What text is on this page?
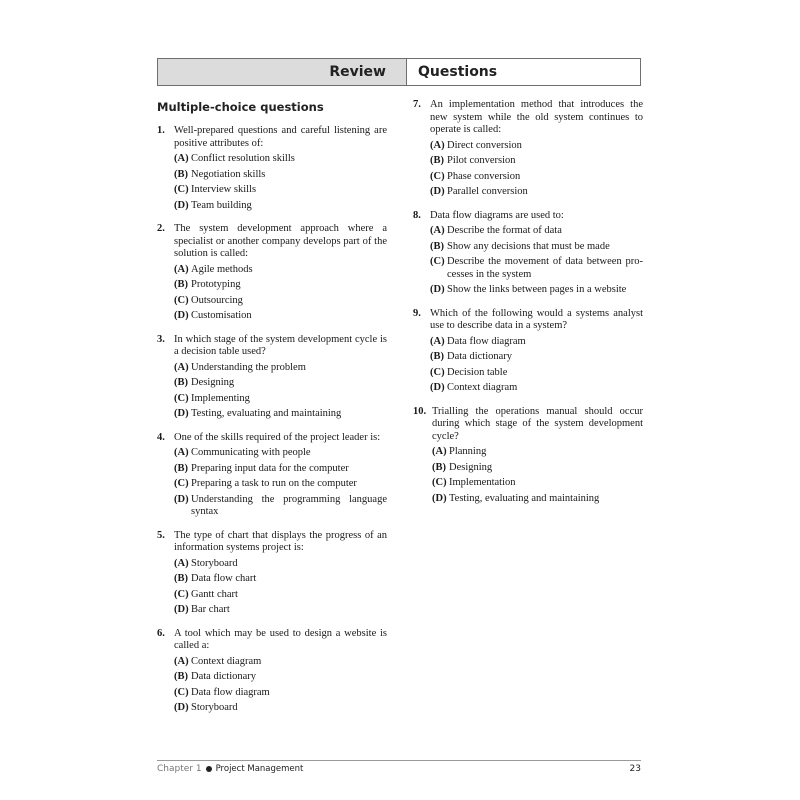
Review	Questions
Multiple-choice questions
1. Well-prepared questions and careful listening are positive attributes of:
(A) Conflict resolution skills
(B) Negotiation skills
(C) Interview skills
(D) Team building
2. The system development approach where a specialist or another company develops part of the solution is called:
(A) Agile methods
(B) Prototyping
(C) Outsourcing
(D) Customisation
3. In which stage of the system development cycle is a decision table used?
(A) Understanding the problem
(B) Designing
(C) Implementing
(D) Testing, evaluating and maintaining
4. One of the skills required of the project leader is:
(A) Communicating with people
(B) Preparing input data for the computer
(C) Preparing a task to run on the computer
(D) Understanding the programming language syntax
5. The type of chart that displays the progress of an information systems project is:
(A) Storyboard
(B) Data flow chart
(C) Gantt chart
(D) Bar chart
6. A tool which may be used to design a website is called a:
(A) Context diagram
(B) Data dictionary
(C) Data flow diagram
(D) Storyboard
7. An implementation method that introduces the new system while the old system continues to operate is called:
(A) Direct conversion
(B) Pilot conversion
(C) Phase conversion
(D) Parallel conversion
8. Data flow diagrams are used to:
(A) Describe the format of data
(B) Show any decisions that must be made
(C) Describe the movement of data between processes in the system
(D) Show the links between pages in a website
9. Which of the following would a systems analyst use to describe data in a system?
(A) Data flow diagram
(B) Data dictionary
(C) Decision table
(D) Context diagram
10. Trialling the operations manual should occur during which stage of the system development cycle?
(A) Planning
(B) Designing
(C) Implementation
(D) Testing, evaluating and maintaining
Chapter 1 Project Management	23
